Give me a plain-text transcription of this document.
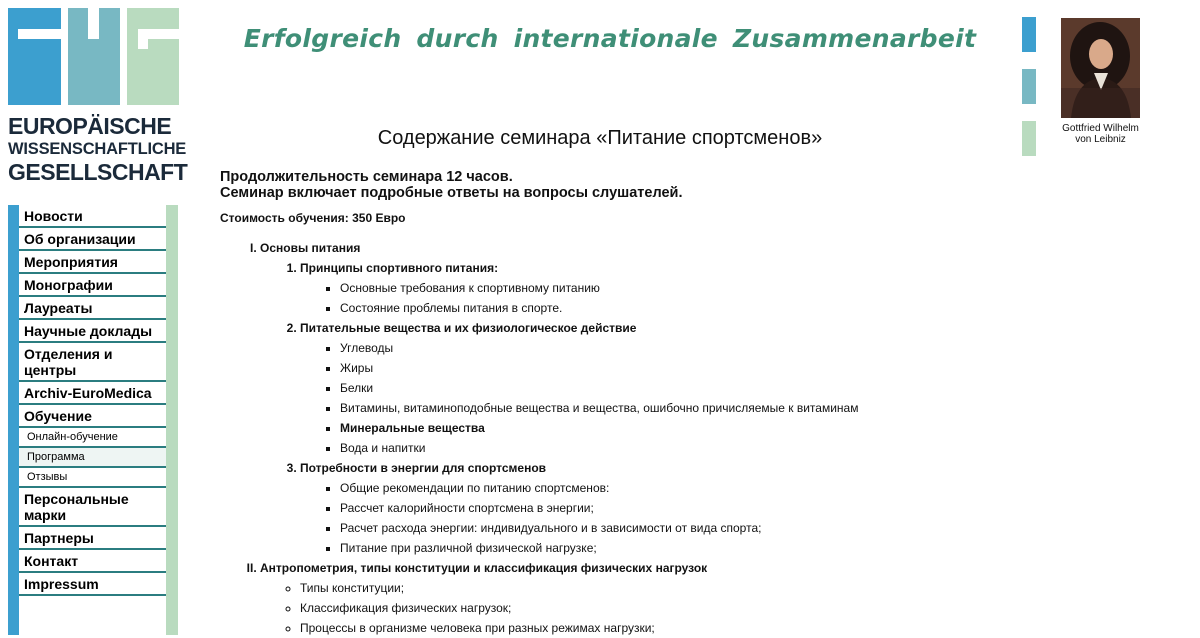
EUROPÄISCHE
WISSENSCHAFTLICHE
GESELLSCHAFT
Erfolgreich durch internationale Zusammenarbeit
Gottfried Wilhelm
von Leibniz
Новости
Об организации
Мероприятия
Монографии
Лауреаты
Научные доклады
Отделения и центры
Archiv-EuroMedica
Обучение
Онлайн-обучение
Программа
Отзывы
Персональные марки
Партнеры
Контакт
Impressum
Содержание семинара «Питание спортсменов»
Продолжительность семинара 12 часов.
Семинар включает подробные ответы на вопросы слушателей.
Стоимость обучения: 350 Евро
I. Основы питания
1. Принципы спортивного питания:
▪ Основные требования к спортивному питанию
▪ Состояние проблемы питания в спорте.
2. Питательные вещества и их физиологическое действие
▪ Углеводы
▪ Жиры
▪ Белки
▪ Витамины, витаминоподобные вещества и вещества, ошибочно причисляемые к витаминам
▪ Минеральные вещества
▪ Вода и напитки
3. Потребности в энергии для спортсменов
▪ Общие рекомендации по питанию спортсменов:
▪ Рассчет калорийности спортсмена в энергии;
▪ Расчет расхода энергии: индивидуального и в зависимости от вида спорта;
▪ Питание при различной физической нагрузке;
II. Антропометрия, типы конституции и классификация физических нагрузок
◦ Типы конституции;
◦ Классификация физических нагрузок;
◦ Процессы в организме человека при разных режимах нагрузки;
